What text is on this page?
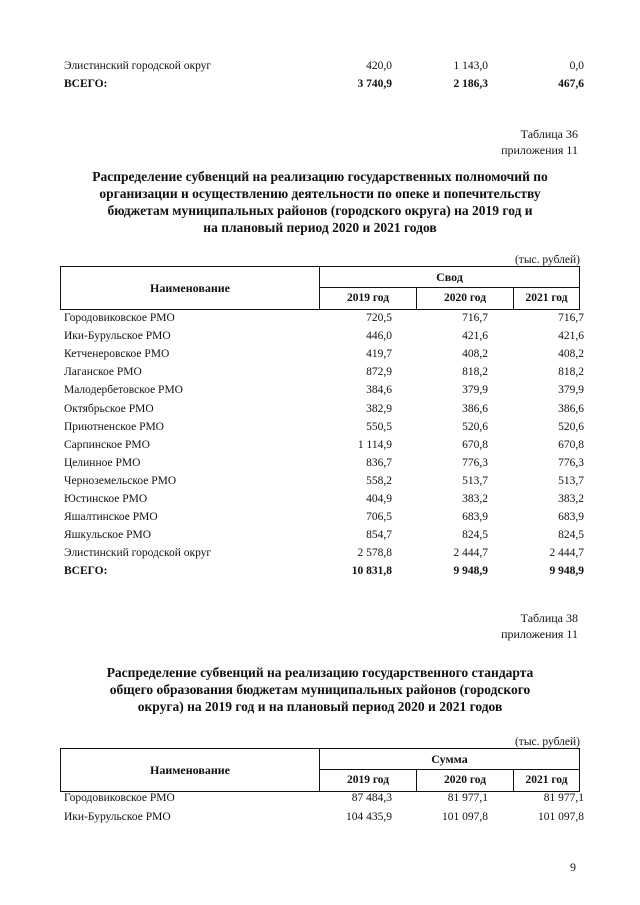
Элистинский городской округ	420,0	1 143,0	0,0
ВСЕГО:	3 740,9	2 186,3	467,6
Таблица 36
приложения 11
Распределение субвенций на реализацию государственных полномочий по
организации и осуществлению деятельности по опеке и попечительству
бюджетам муниципальных районов (городского округа) на 2019 год и
на плановый период 2020 и 2021 годов
(тыс. рублей)
Наименование
Свод
2019 год	2020 год	2021 год
Городовиковское РМО	720,5	716,7	716,7
Ики-Бурульское РМО	446,0	421,6	421,6
Кетченеровское РМО	419,7	408,2	408,2
Лаганское РМО	872,9	818,2	818,2
Малодербетовское РМО	384,6	379,9	379,9
Октябрьское РМО	382,9	386,6	386,6
Приютненское РМО	550,5	520,6	520,6
Сарпинское РМО	1 114,9	670,8	670,8
Целинное РМО	836,7	776,3	776,3
Черноземельское РМО	558,2	513,7	513,7
Юстинское РМО	404,9	383,2	383,2
Яшалтинское РМО	706,5	683,9	683,9
Яшкульское РМО	854,7	824,5	824,5
Элистинский городской округ	2 578,8	2 444,7	2 444,7
ВСЕГО:	10 831,8	9 948,9	9 948,9
Таблица 38
приложения 11
Распределение субвенций на реализацию государственного стандарта
общего образования бюджетам муниципальных районов (городского
округа) на 2019 год и на плановый период 2020 и 2021 годов
(тыс. рублей)
Наименование
Сумма
2019 год	2020 год	2021 год
Городовиковское РМО	87 484,3	81 977,1	81 977,1
Ики-Бурульское РМО	104 435,9	101 097,8	101 097,8
9
